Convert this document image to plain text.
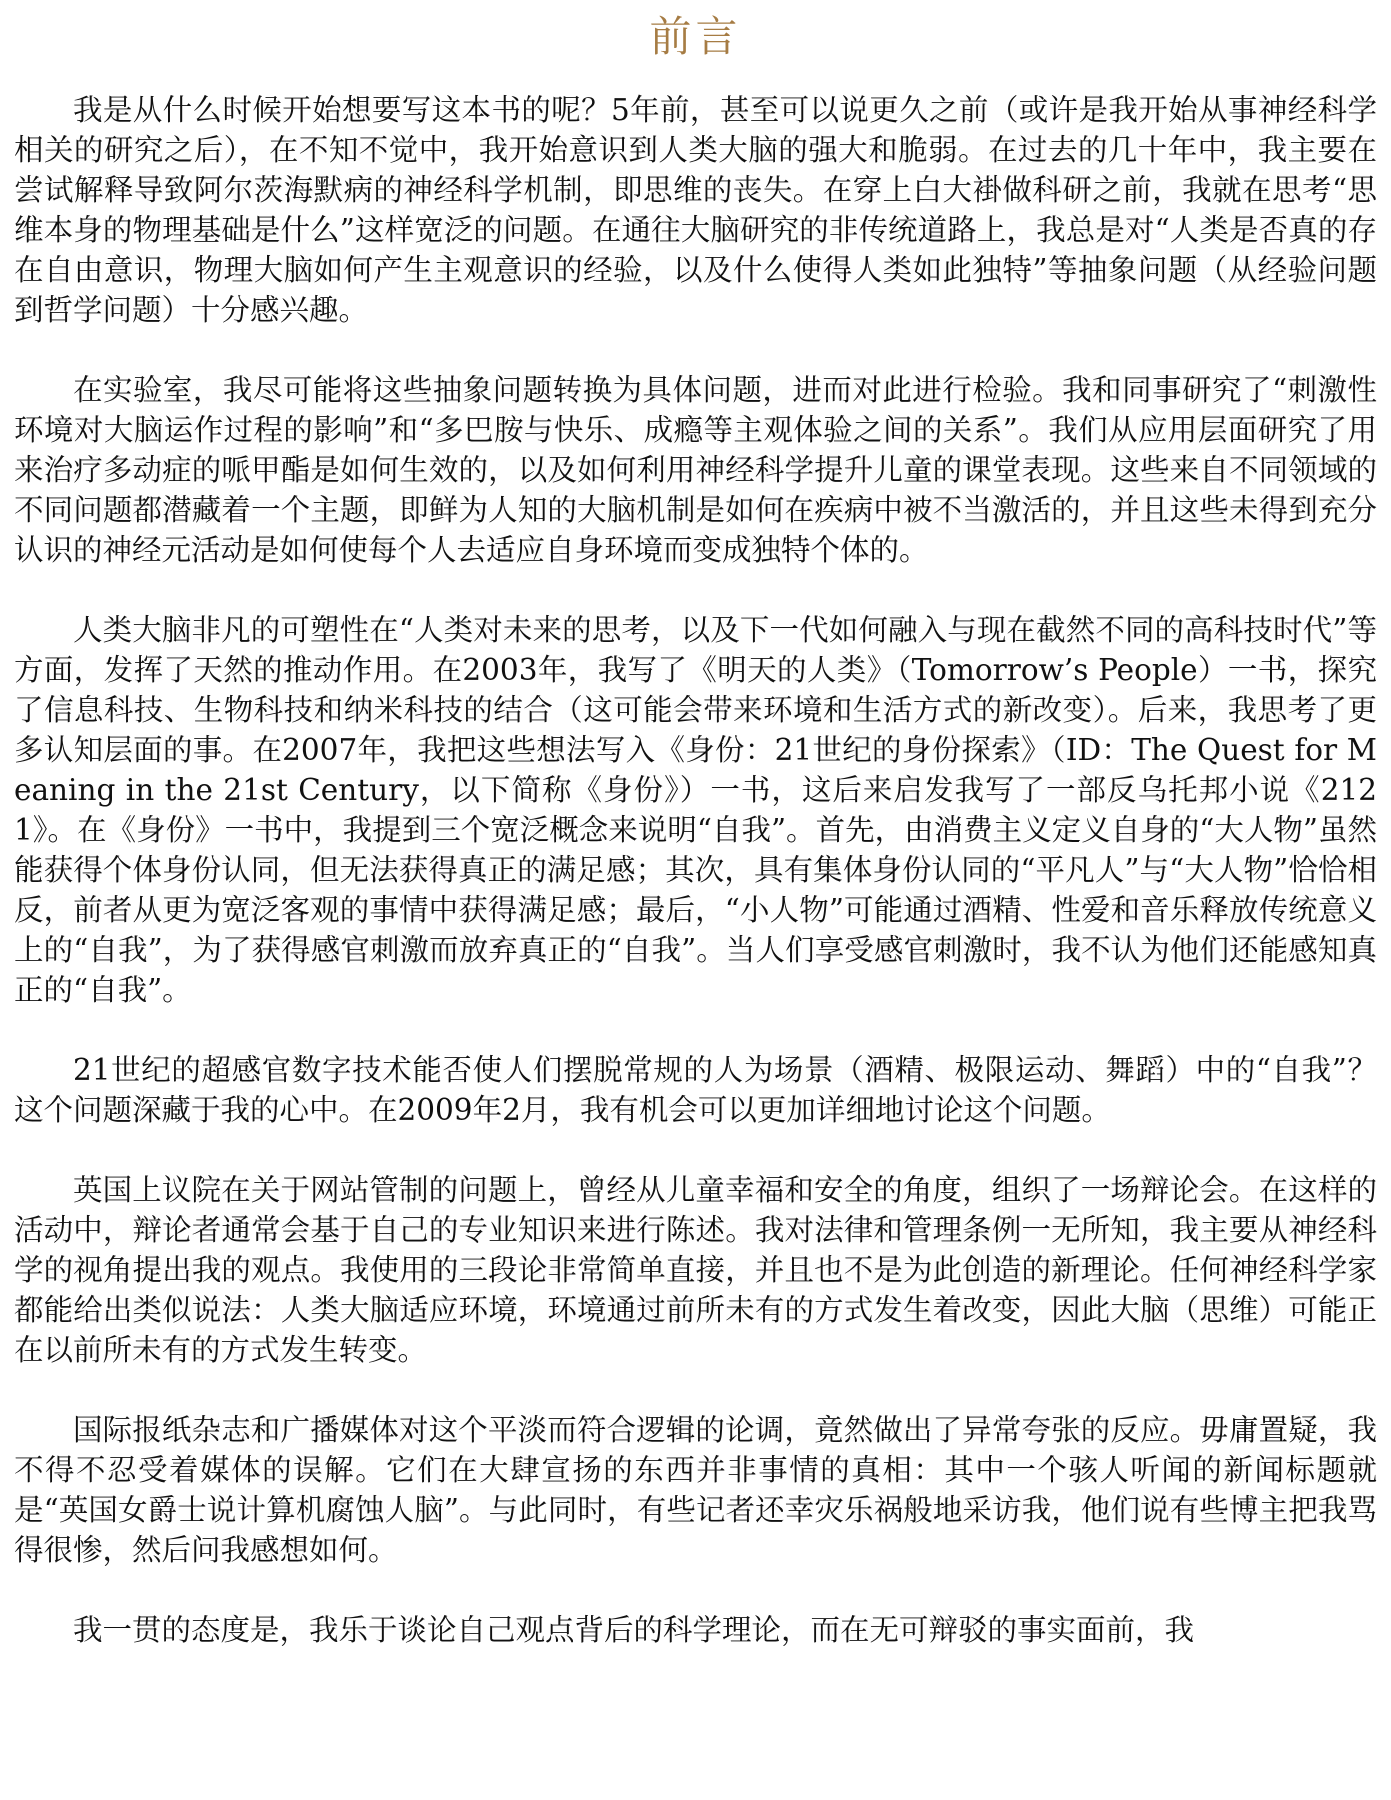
前言

我是从什么时候开始想要写这本书的呢？5年前，甚至可以说更久之前（或许是我开始从事神经科学相关的研究之后），在不知不觉中，我开始意识到人类大脑的强大和脆弱。在过去的几十年中，我主要在尝试解释导致阿尔茨海默病的神经科学机制，即思维的丧失。在穿上白大褂做科研之前，我就在思考“思维本身的物理基础是什么”这样宽泛的问题。在通往大脑研究的非传统道路上，我总是对“人类是否真的存在自由意识，物理大脑如何产生主观意识的经验，以及什么使得人类如此独特”等抽象问题（从经验问题到哲学问题）十分感兴趣。

在实验室，我尽可能将这些抽象问题转换为具体问题，进而对此进行检验。我和同事研究了“刺激性环境对大脑运作过程的影响”和“多巴胺与快乐、成瘾等主观体验之间的关系”。我们从应用层面研究了用来治疗多动症的哌甲酯是如何生效的，以及如何利用神经科学提升儿童的课堂表现。这些来自不同领域的不同问题都潜藏着一个主题，即鲜为人知的大脑机制是如何在疾病中被不当激活的，并且这些未得到充分认识的神经元活动是如何使每个人去适应自身环境而变成独特个体的。

人类大脑非凡的可塑性在“人类对未来的思考，以及下一代如何融入与现在截然不同的高科技时代”等方面，发挥了天然的推动作用。在2003年，我写了《明天的人类》（Tomorrow’s People）一书，探究了信息科技、生物科技和纳米科技的结合（这可能会带来环境和生活方式的新改变）。后来，我思考了更多认知层面的事。在2007年，我把这些想法写入《身份：21世纪的身份探索》（ID：The Quest for Meaning in the 21st Century，以下简称《身份》）一书，这后来启发我写了一部反乌托邦小说《2121》。在《身份》一书中，我提到三个宽泛概念来说明“自我”。首先，由消费主义定义自身的“大人物”虽然能获得个体身份认同，但无法获得真正的满足感；其次，具有集体身份认同的“平凡人”与“大人物”恰恰相反，前者从更为宽泛客观的事情中获得满足感；最后，“小人物”可能通过酒精、性爱和音乐释放传统意义上的“自我”，为了获得感官刺激而放弃真正的“自我”。当人们享受感官刺激时，我不认为他们还能感知真正的“自我”。

21世纪的超感官数字技术能否使人们摆脱常规的人为场景（酒精、极限运动、舞蹈）中的“自我”？这个问题深藏于我的心中。在2009年2月，我有机会可以更加详细地讨论这个问题。

英国上议院在关于网站管制的问题上，曾经从儿童幸福和安全的角度，组织了一场辩论会。在这样的活动中，辩论者通常会基于自己的专业知识来进行陈述。我对法律和管理条例一无所知，我主要从神经科学的视角提出我的观点。我使用的三段论非常简单直接，并且也不是为此创造的新理论。任何神经科学家都能给出类似说法：人类大脑适应环境，环境通过前所未有的方式发生着改变，因此大脑（思维）可能正在以前所未有的方式发生转变。

国际报纸杂志和广播媒体对这个平淡而符合逻辑的论调，竟然做出了异常夸张的反应。毋庸置疑，我不得不忍受着媒体的误解。它们在大肆宣扬的东西并非事情的真相：其中一个骇人听闻的新闻标题就是“英国女爵士说计算机腐蚀人脑”。与此同时，有些记者还幸灾乐祸般地采访我，他们说有些博主把我骂得很惨，然后问我感想如何。

我一贯的态度是，我乐于谈论自己观点背后的科学理论，而在无可辩驳的事实面前，我
